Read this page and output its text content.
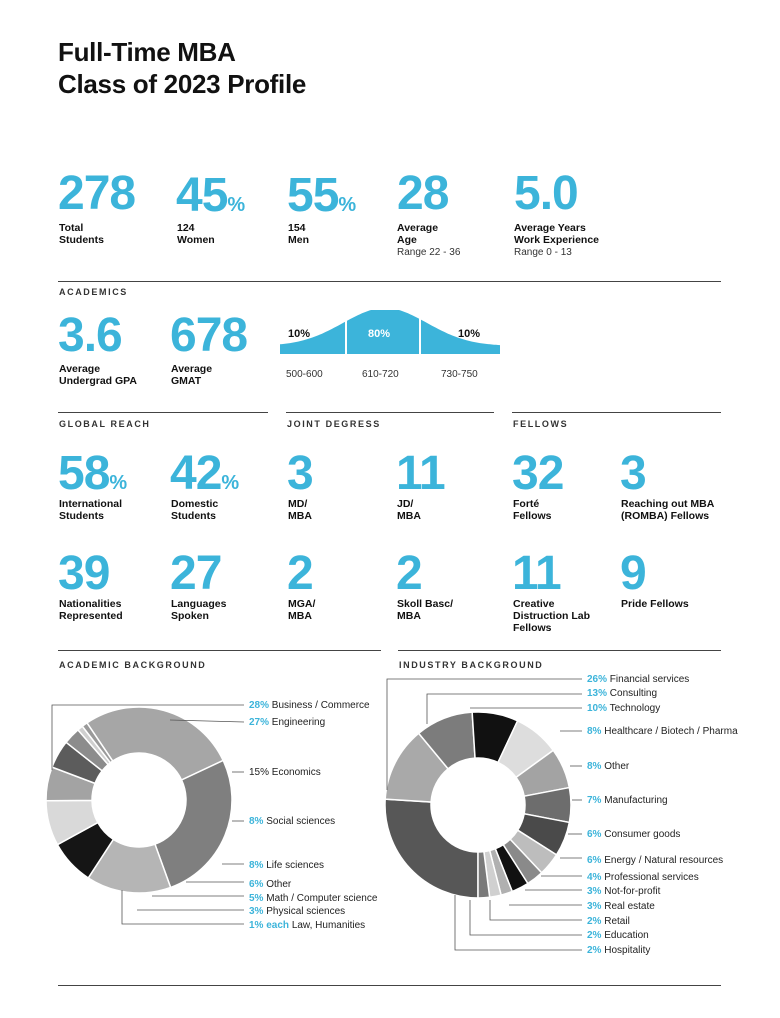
Full-Time MBA
Class of 2023 Profile
278
Total
Students
45%
124
Women
55%
154
Men
28
Average
Age
Range 22 - 36
5.0
Average Years
Work Experience
Range 0 - 13
ACADEMICS
3.6
Average
Undergrad GPA
678
Average
GMAT
10%	80%	10%
500-600	610-720	730-750
GLOBAL REACH	JOINT DEGRESS	FELLOWS
58%
International
Students
42%
Domestic
Students
39
Nationalities
Represented
27
Languages
Spoken
3
MD/
MBA
11
JD/
MBA
2
MGA/
MBA
2
Skoll Basc/
MBA
32
Forté
Fellows
3
Reaching out MBA
(ROMBA) Fellows
11
Creative
Distruction Lab
Fellows
9
Pride Fellows
ACADEMIC BACKGROUND	INDUSTRY BACKGROUND
28% Business / Commerce
27% Engineering
15% Economics
8% Social sciences
8% Life sciences
6% Other
5% Math / Computer science
3% Physical sciences
1% each Law, Humanities
26% Financial services
13% Consulting
10% Technology
8% Healthcare / Biotech / Pharma
8% Other
7% Manufacturing
6% Consumer goods
6% Energy / Natural resources
4% Professional services
3% Not-for-profit
3% Real estate
2% Retail
2% Education
2% Hospitality
